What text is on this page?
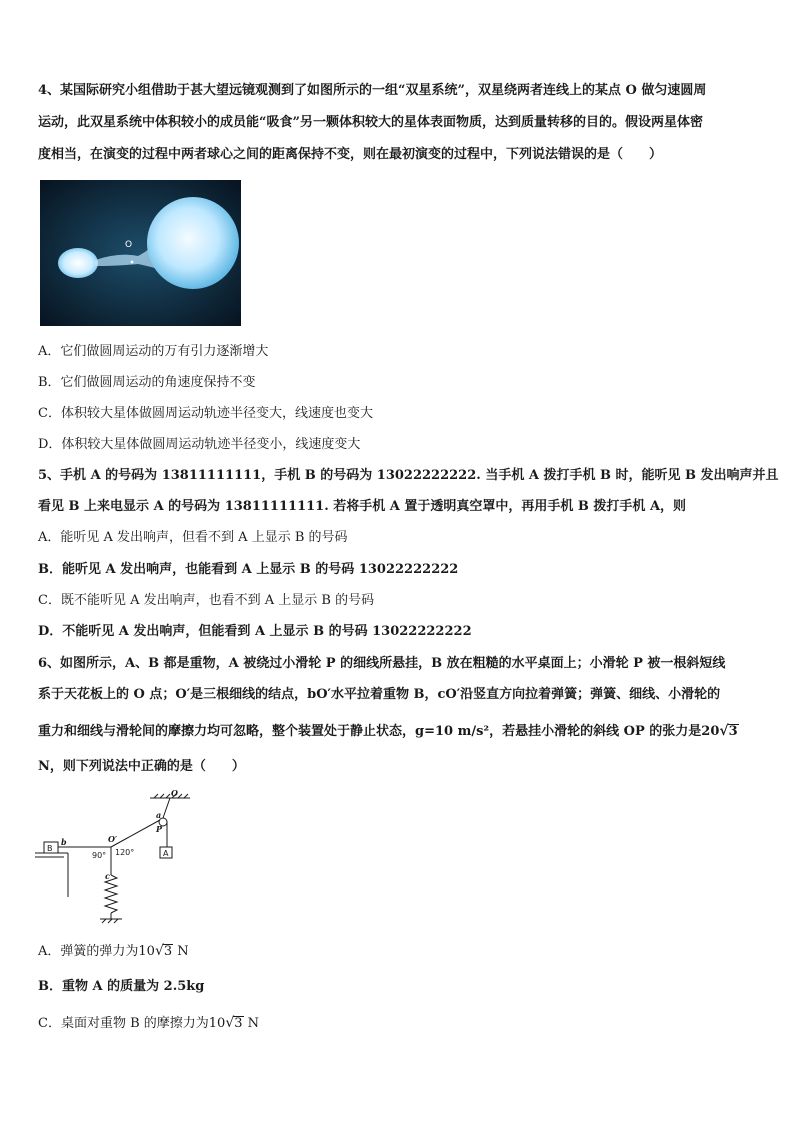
4、某国际研究小组借助于甚大望远镜观测到了如图所示的一组“双星系统”，双星绕两者连线上的某点 O 做匀速圆周
运动，此双星系统中体积较小的成员能“吸食”另一颗体积较大的星体表面物质，达到质量转移的目的。假设两星体密
度相当，在演变的过程中两者球心之间的距离保持不变，则在最初演变的过程中，下列说法错误的是（　　）
O
A．它们做圆周运动的万有引力逐渐增大
B．它们做圆周运动的角速度保持不变
C．体积较大星体做圆周运动轨迹半径变大，线速度也变大
D．体积较大星体做圆周运动轨迹半径变小，线速度变大
5、手机 A 的号码为 13811111111，手机 B 的号码为 13022222222. 当手机 A 拨打手机 B 时，能听见 B 发出响声并且
看见 B 上来电显示 A 的号码为 13811111111. 若将手机 A 置于透明真空罩中，再用手机 B 拨打手机 A，则
A．能听见 A 发出响声，但看不到 A 上显示 B 的号码
B．能听见 A 发出响声，也能看到 A 上显示 B 的号码 13022222222
C．既不能听见 A 发出响声，也看不到 A 上显示 B 的号码
D．不能听见 A 发出响声，但能看到 A 上显示 B 的号码 13022222222
6、如图所示，A、B 都是重物，A 被绕过小滑轮 P 的细线所悬挂，B 放在粗糙的水平桌面上；小滑轮 P 被一根斜短线
系于天花板上的 O 点；O′是三根细线的结点，bO′水平拉着重物 B，cO′沿竖直方向拉着弹簧；弹簧、细线、小滑轮的
重力和细线与滑轮间的摩擦力均可忽略，整个装置处于静止状态，g=10 m/s²，若悬挂小滑轮的斜线 OP 的张力是20√3
N，则下列说法中正确的是（　　）
O
a
P
b	O′
c
A
B
90° 120°
A．弹簧的弹力为10√3 N
B．重物 A 的质量为 2.5kg
C．桌面对重物 B 的摩擦力为10√3 N
